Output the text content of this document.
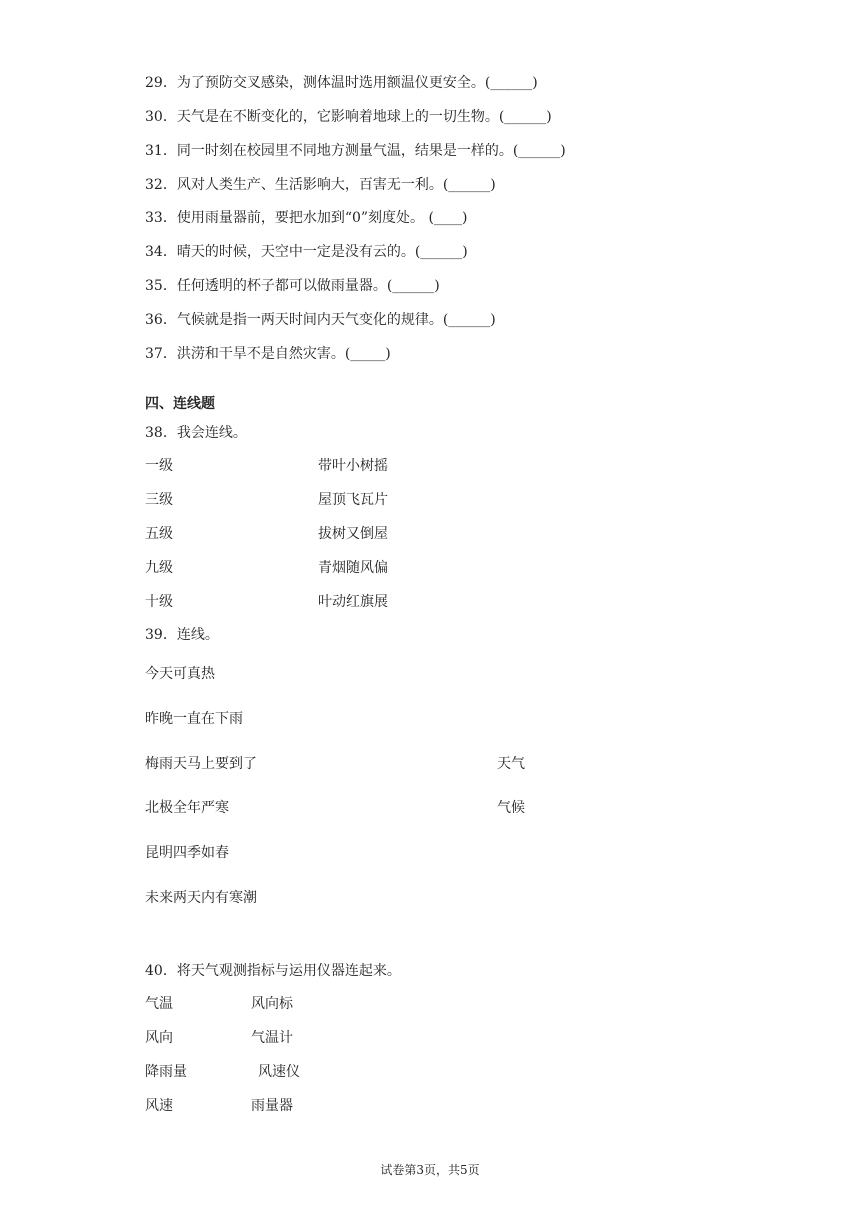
29．为了预防交叉感染，测体温时选用额温仪更安全。(______)
30．天气是在不断变化的，它影响着地球上的一切生物。(______)
31．同一时刻在校园里不同地方测量气温，结果是一样的。(______)
32．风对人类生产、生活影响大，百害无一利。(______)
33．使用雨量器前，要把水加到“0”刻度处。 (____)
34．晴天的时候，天空中一定是没有云的。(______)
35．任何透明的杯子都可以做雨量器。(______)
36．气候就是指一两天时间内天气变化的规律。(______)
37．洪涝和干旱不是自然灾害。(_____)
四、连线题
38．我会连线。
一级	带叶小树摇
三级	屋顶飞瓦片
五级	拔树又倒屋
九级	青烟随风偏
十级	叶动红旗展
39．连线。
今天可真热
昨晚一直在下雨
梅雨天马上要到了	天气
北极全年严寒	气候
昆明四季如春
未来两天内有寒潮
40．将天气观测指标与运用仪器连起来。
气温	风向标
风向	气温计
降雨量	风速仪
风速	雨量器
试卷第3页，共5页
